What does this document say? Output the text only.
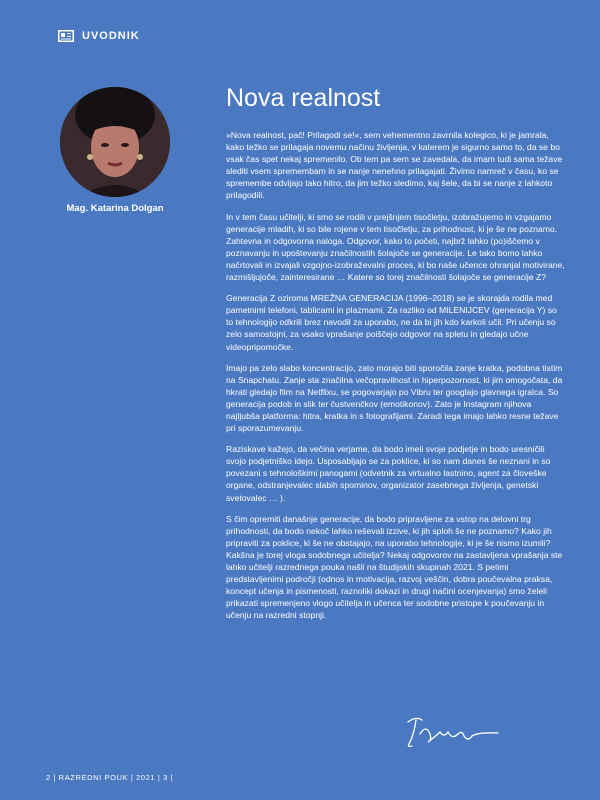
UVODNIK
Mag. Katarina Dolgan
Nova realnost

»Nova realnost, pač! Prilagodi se!«, sem vehementno zavrnila kolegico, ki je jamrala, kako težko se prilagaja novemu načinu življenja, v katerem je sigurno samo to, da se bo vsak čas spet nekaj spremenilo. Ob tem pa sem se zavedala, da imam tudi sama težave slediti vsem spremembam in se nanje nenehno prilagajati. Živimo namreč v času, ko se spremembe odvijajo tako hitro, da jim težko sledimo, kaj šele, da bi se nanje z lahkoto prilagodili.

In v tem času učitelji, ki smo se rodili v prejšnjem tisočletju, izobražujemo in vzgajamo generacije mladih, ki so bile rojene v tem tisočletju, za prihodnost, ki je še ne poznamo. Zahtevna in odgovorna naloga. Odgovor, kako to početi, najbrž lahko (po)iščemo v poznavanju in upoštevanju značilnostih šolajoče se generacije. Le tako bomo lahko načrtovali in izvajali vzgojno-izobraževalni proces, ki bo naše učence ohranjal motivirane, razmišljujoče, zainteresirane … Katere so torej značilnosti šolajoče se generacije Z?

Generacija Z oziroma MREŽNA GENERACIJA (1996–2018) se je skorajda rodila med pametnimi telefoni, tablicami in plazmami. Za razliko od MILENIJCEV (generacija Y) so to tehnologijo odkrili brez navodil za uporabo, ne da bi jih kdo karkoli učil. Pri učenju so zelo samostojni, za vsako vprašanje poiščejo odgovor na spletu in gledajo učne videopripomočke.

Imajo pa zelo slabo koncentracijo, zato morajo biti sporočila zanje kratka, podobna tistim na Snapchatu. Zanje sta značilna večopravilnost in hiperpozornost, ki jim omogočata, da hkrati gledajo film na Netflixu, se pogovarjajo po Vibru ter googlajo glavnega igralca. So generacija podob in slik ter čustvenčkov (emotikonov). Zato je Instagram njihova najljubša platforma: hitra, kratka in s fotografijami. Zaradi tega imajo lahko resne težave pri sporazumevanju.

Raziskave kažejo, da večina verjame, da bodo imeli svoje podjetje in bodo uresničili svojo podjetniško idejo. Usposabljajo se za poklice, ki so nam danes še neznani in so povezani s tehnološkimi panogami (odvetnik za virtualno lastnino, agent za človeške organe, odstranjevalec slabih spominov, organizator zasebnega življenja, genetski svetovalec … ).

S čim opremiti današnje generacije, da bodo pripravljene za vstop na delovni trg prihodnosti, da bodo nekoč lahko reševali izzive, ki jih sploh še ne poznamo? Kako jih pripraviti za poklice, ki še ne obstajajo, na uporabo tehnologije, ki je še nismo izumili? Kakšna je torej vloga sodobnega učitelja? Nekaj odgovorov na zastavljena vprašanja ste lahko učitelji razrednega pouka našli na študijskih skupinah 2021. S petimi predstavljenimi področji (odnos in motivacija, razvoj veščin, dobra poučevalna praksa, koncept učenja in pismenosti, raznoliki dokazi in drugi načini ocenjevanja) smo želeli prikazati spremenjeno vlogo učitelja in učenca ter sodobne pristope k poučevanju in učenju na razredni stopnji.

2 | RAZREDNI POUK | 2021 | 3 |
